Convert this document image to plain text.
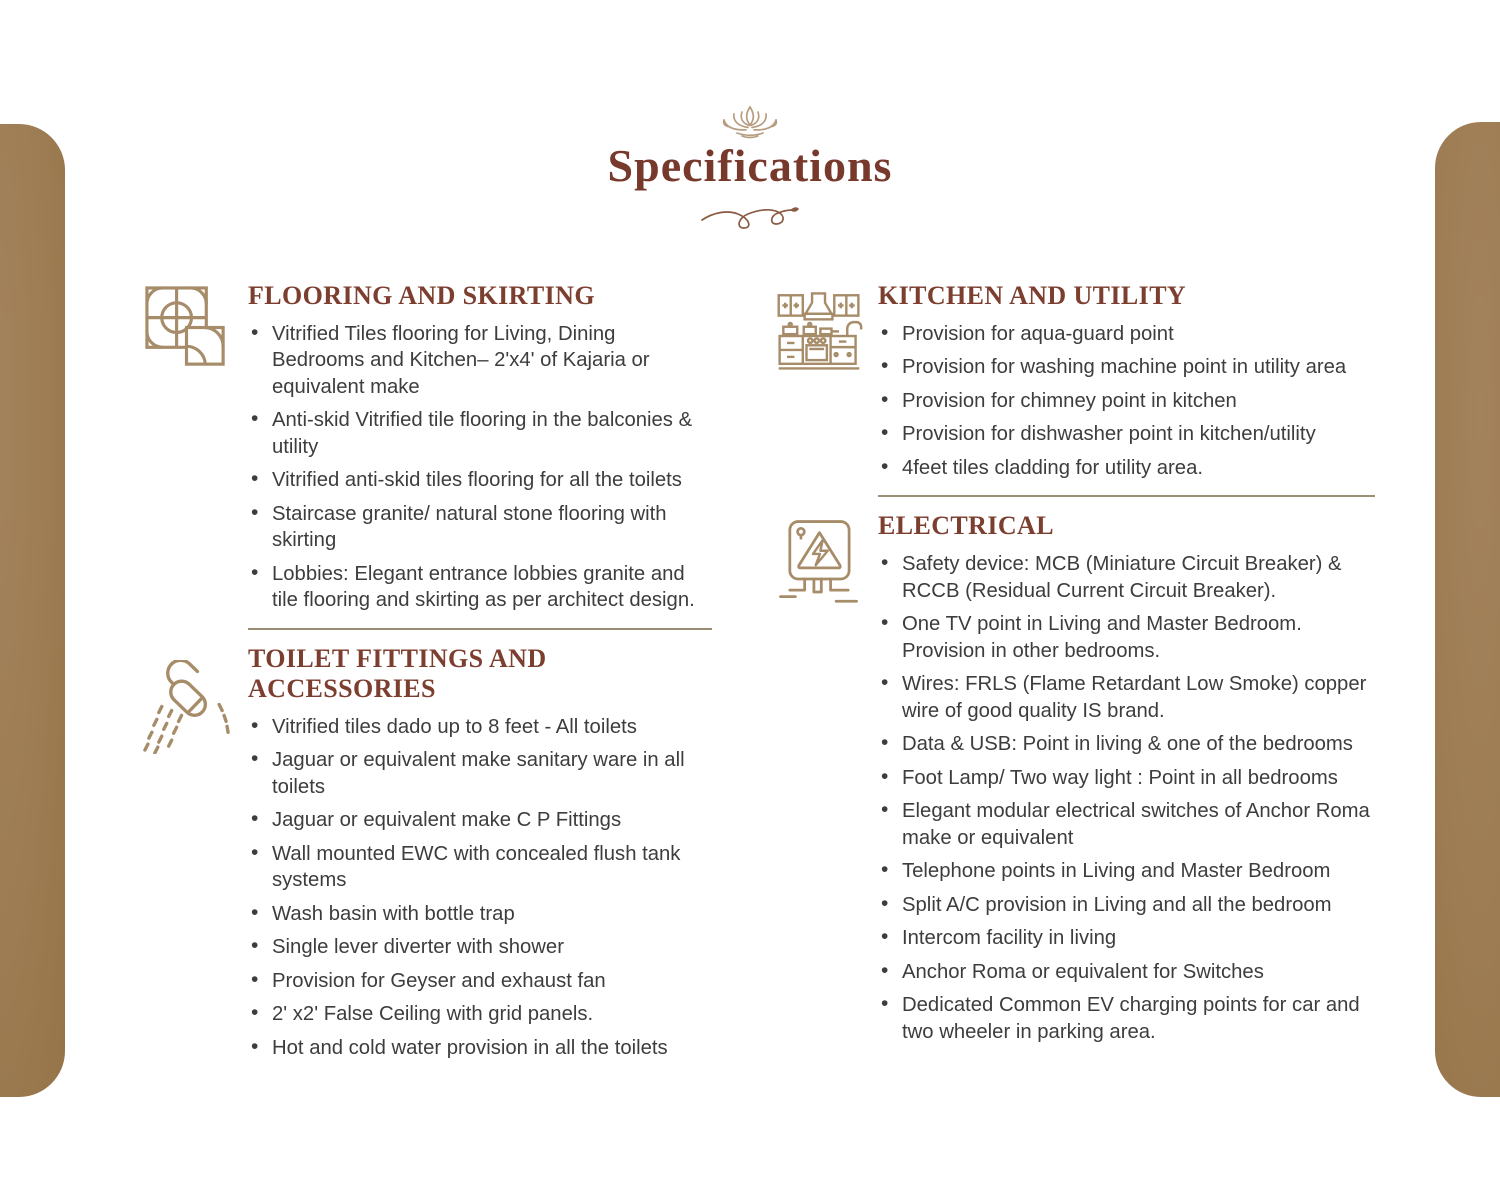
Specifications
FLOORING AND SKIRTING
• Vitrified Tiles flooring for Living, Dining Bedrooms and Kitchen– 2'x4' of Kajaria or equivalent make
• Anti-skid Vitrified tile flooring in the balconies & utility
• Vitrified anti-skid tiles flooring for all the toilets
• Staircase granite/ natural stone flooring with skirting
• Lobbies: Elegant entrance lobbies granite and tile flooring and skirting as per architect design.
TOILET FITTINGS AND ACCESSORIES
• Vitrified tiles dado up to 8 feet - All toilets
• Jaguar or equivalent make sanitary ware in all toilets
• Jaguar or equivalent make C P Fittings
• Wall mounted EWC with concealed flush tank systems
• Wash basin with bottle trap
• Single lever diverter with shower
• Provision for Geyser and exhaust fan
• 2' x2' False Ceiling with grid panels.
• Hot and cold water provision in all the toilets
KITCHEN AND UTILITY
• Provision for aqua-guard point
• Provision for washing machine point in utility area
• Provision for chimney point in kitchen
• Provision for dishwasher point in kitchen/utility
• 4feet tiles cladding for utility area.
ELECTRICAL
• Safety device: MCB (Miniature Circuit Breaker) & RCCB (Residual Current Circuit Breaker).
• One TV point in Living and Master Bedroom. Provision in other bedrooms.
• Wires: FRLS (Flame Retardant Low Smoke) copper wire of good quality IS brand.
• Data & USB: Point in living & one of the bedrooms
• Foot Lamp/ Two way light : Point in all bedrooms
• Elegant modular electrical switches of Anchor Roma make or equivalent
• Telephone points in Living and Master Bedroom
• Split A/C provision in Living and all the bedroom
• Intercom facility in living
• Anchor Roma or equivalent for Switches
• Dedicated Common EV charging points for car and two wheeler in parking area.
